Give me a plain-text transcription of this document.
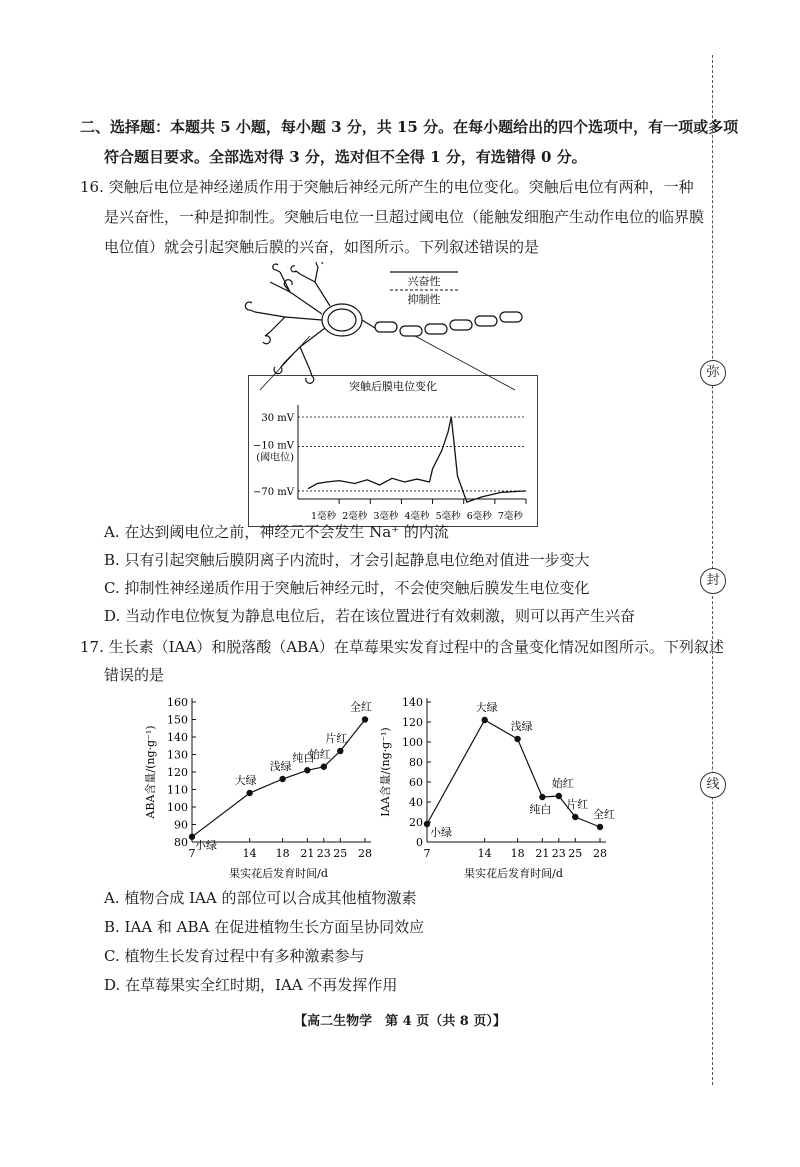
二、选择题：本题共 5 小题，每小题 3 分，共 15 分。在每小题给出的四个选项中，有一项或多项
符合题目要求。全部选对得 3 分，选对但不全得 1 分，有选错得 0 分。
16. 突触后电位是神经递质作用于突触后神经元所产生的电位变化。突触后电位有两种，一种
是兴奋性，一种是抑制性。突触后电位一旦超过阈电位（能触发细胞产生动作电位的临界膜
电位值）就会引起突触后膜的兴奋，如图所示。下列叙述错误的是
兴奋性
抑制性
突触后膜电位变化
30 mV
−10 mV
(阈电位)
−70 mV
1毫秒 2毫秒 3毫秒 4毫秒 5毫秒 6毫秒 7毫秒
A. 在达到阈电位之前，神经元不会发生 Na⁺ 的内流
B. 只有引起突触后膜阴离子内流时，才会引起静息电位绝对值进一步变大
C. 抑制性神经递质作用于突触后神经元时，不会使突触后膜发生电位变化
D. 当动作电位恢复为静息电位后，若在该位置进行有效刺激，则可以再产生兴奋
17. 生长素（IAA）和脱落酸（ABA）在草莓果实发育过程中的含量变化情况如图所示。下列叙述
错误的是
80
90
100
110
120
130
140
150
160
7	14 18 21 23 25 28
果实花后发育时间/d
ABA含量/(ng·g⁻¹)
小绿
大绿
浅绿
纯白
始红
片红
全红
0
20
40
60
80
100
120
140
7	14 18 21 23 25 28
果实花后发育时间/d
IAA含量/(ng·g⁻¹)
小绿
大绿
浅绿
纯白
始红
片红
全红
A. 植物合成 IAA 的部位可以合成其他植物激素
B. IAA 和 ABA 在促进植物生长方面呈协同效应
C. 植物生长发育过程中有多种激素参与
D. 在草莓果实全红时期，IAA 不再发挥作用
【高二生物学　第 4 页（共 8 页）】
弥
封
线
